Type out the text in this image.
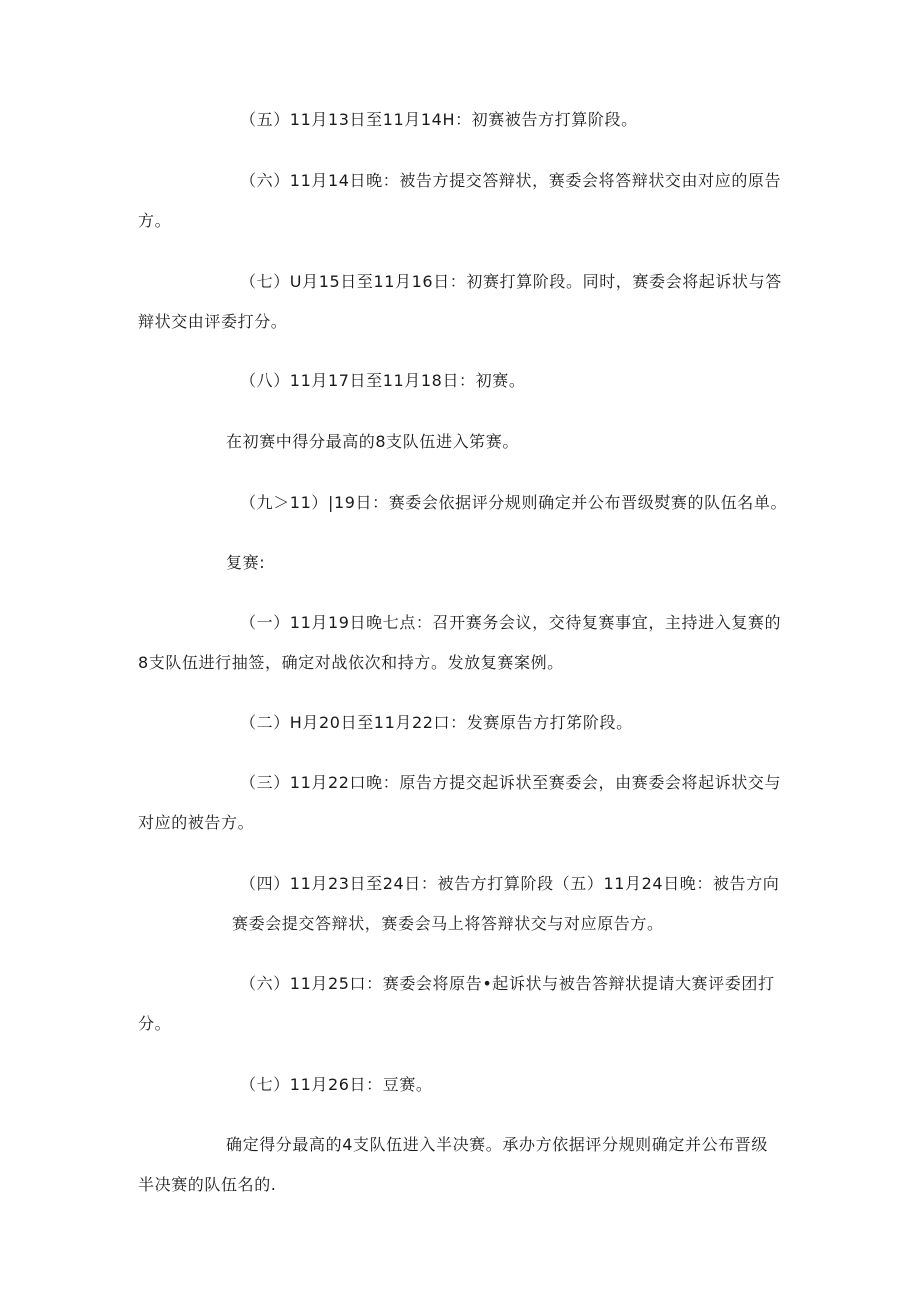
（五）11月13日至11月14H：初赛被告方打算阶段。
（六）11月14日晚：被告方提交答辩状，赛委会将答辩状交由对应的原告
方。
（七）U月15日至11月16日：初赛打算阶段。同时，赛委会将起诉状与答
辩状交由评委打分。
（八）11月17日至11月18日：初赛。
在初赛中得分最高的8支队伍进入笫赛。
（九＞11）|19日：赛委会依据评分规则确定并公布晋级熨赛的队伍名单。
复赛:
（一）11月19日晚七点：召开赛务会议，交待复赛事宜，主持进入复赛的
8支队伍进行抽签，确定对战依次和持方。发放复赛案例。
（二）H月20日至11月22口：发赛原告方打笫阶段。
（三）11月22口晚：原告方提交起诉状至赛委会，由赛委会将起诉状交与
对应的被告方。
（四）11月23日至24日：被告方打算阶段（五）11月24日晚：被告方向
赛委会提交答辩状，赛委会马上将答辩状交与对应原告方。
（六）11月25口：赛委会将原告•起诉状与被告答辩状提请大赛评委团打
分。
（七）11月26日：豆赛。
确定得分最高的4支队伍进入半决赛。承办方依据评分规则确定并公布晋级
半决赛的队伍名的.
